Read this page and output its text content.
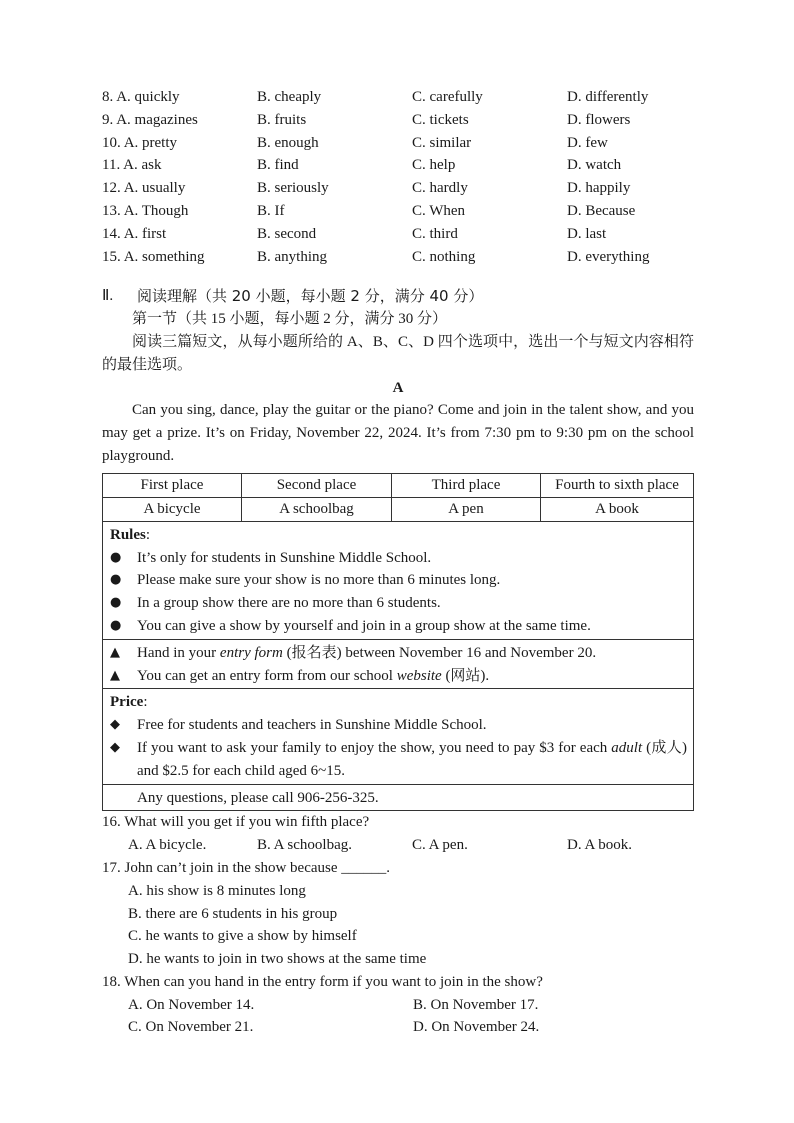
8. A. quickly	B. cheaply	C. carefully	D. differently
9. A. magazines	B. fruits	C. tickets	D. flowers
10. A. pretty	B. enough	C. similar	D. few
11. A. ask	B. find	C. help	D. watch
12. A. usually	B. seriously	C. hardly	D. happily
13. A. Though	B. If	C. When	D. Because
14. A. first	B. second	C. third	D. last
15. A. something	B. anything	C. nothing	D. everything
Ⅱ.	阅读理解（共 20 小题，每小题 2 分，满分 40 分）
第一节（共 15 小题，每小题 2 分，满分 30 分）
阅读三篇短文，从每小题所给的 A、B、C、D 四个选项中，选出一个与短文内容相符的最佳选项。
A
Can you sing, dance, play the guitar or the piano? Come and join in the talent show, and you may get a prize. It’s on Friday, November 22, 2024. It’s from 7:30 pm to 9:30 pm on the school playground.
First place	Second place	Third place	Fourth to sixth place
A bicycle	A schoolbag	A pen	A book
Rules:
●	It’s only for students in Sunshine Middle School.
●	Please make sure your show is no more than 6 minutes long.
●	In a group show there are no more than 6 students.
●	You can give a show by yourself and join in a group show at the same time.
▲	Hand in your entry form (报名表) between November 16 and November 20.
▲	You can get an entry form from our school website (网站).
Price:
◆	Free for students and teachers in Sunshine Middle School.
◆	If you want to ask your family to enjoy the show, you need to pay $3 for each adult (成人) and $2.5 for each child aged 6~15.
Any questions, please call 906-256-325.
16. What will you get if you win fifth place?
A. A bicycle.	B. A schoolbag.	C. A pen.	D. A book.
17. John can’t join in the show because ______.
A. his show is 8 minutes long
B. there are 6 students in his group
C. he wants to give a show by himself
D. he wants to join in two shows at the same time
18. When can you hand in the entry form if you want to join in the show?
A. On November 14.	B. On November 17.
C. On November 21.	D. On November 24.
